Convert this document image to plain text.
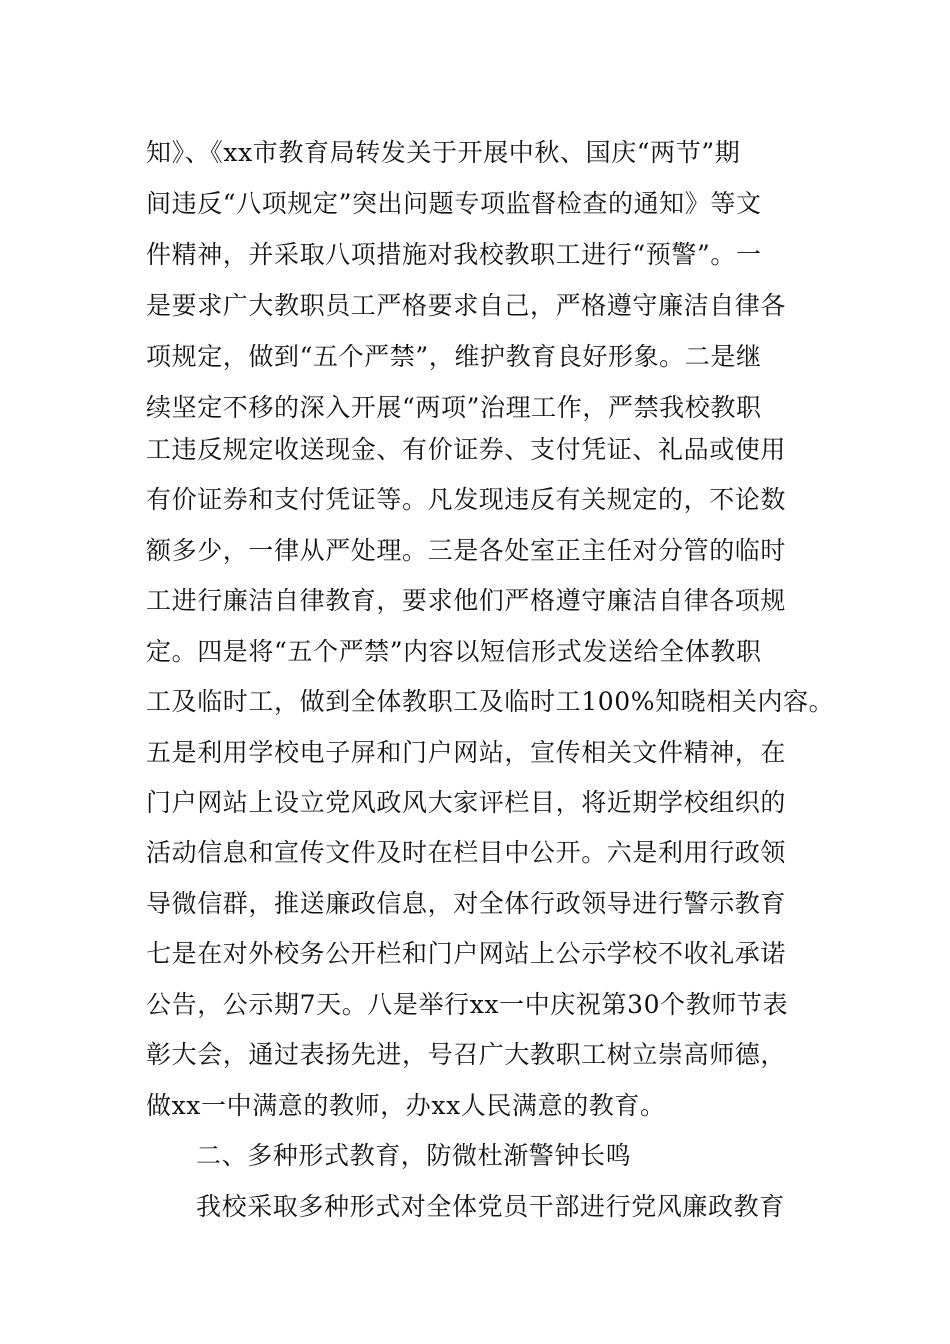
知》、《xx市教育局转发关于开展中秋、国庆“两节”期
间违反“八项规定”突出问题专项监督检查的通知》等文
件精神，并采取八项措施对我校教职工进行“预警”。一
是要求广大教职员工严格要求自己，严格遵守廉洁自律各
项规定，做到“五个严禁”，维护教育良好形象。二是继
续坚定不移的深入开展“两项”治理工作，严禁我校教职
工违反规定收送现金、有价证券、支付凭证、礼品或使用
有价证券和支付凭证等。凡发现违反有关规定的，不论数
额多少，一律从严处理。三是各处室正主任对分管的临时
工进行廉洁自律教育，要求他们严格遵守廉洁自律各项规
定。四是将“五个严禁”内容以短信形式发送给全体教职
工及临时工，做到全体教职工及临时工100%知晓相关内容。
五是利用学校电子屏和门户网站，宣传相关文件精神，在
门户网站上设立党风政风大家评栏目，将近期学校组织的
活动信息和宣传文件及时在栏目中公开。六是利用行政领
导微信群，推送廉政信息，对全体行政领导进行警示教育
七是在对外校务公开栏和门户网站上公示学校不收礼承诺
公告，公示期7天。八是举行xx一中庆祝第30个教师节表
彰大会，通过表扬先进，号召广大教职工树立崇高师德，
做xx一中满意的教师，办xx人民满意的教育。
二、多种形式教育，防微杜渐警钟长鸣
我校采取多种形式对全体党员干部进行党风廉政教育
